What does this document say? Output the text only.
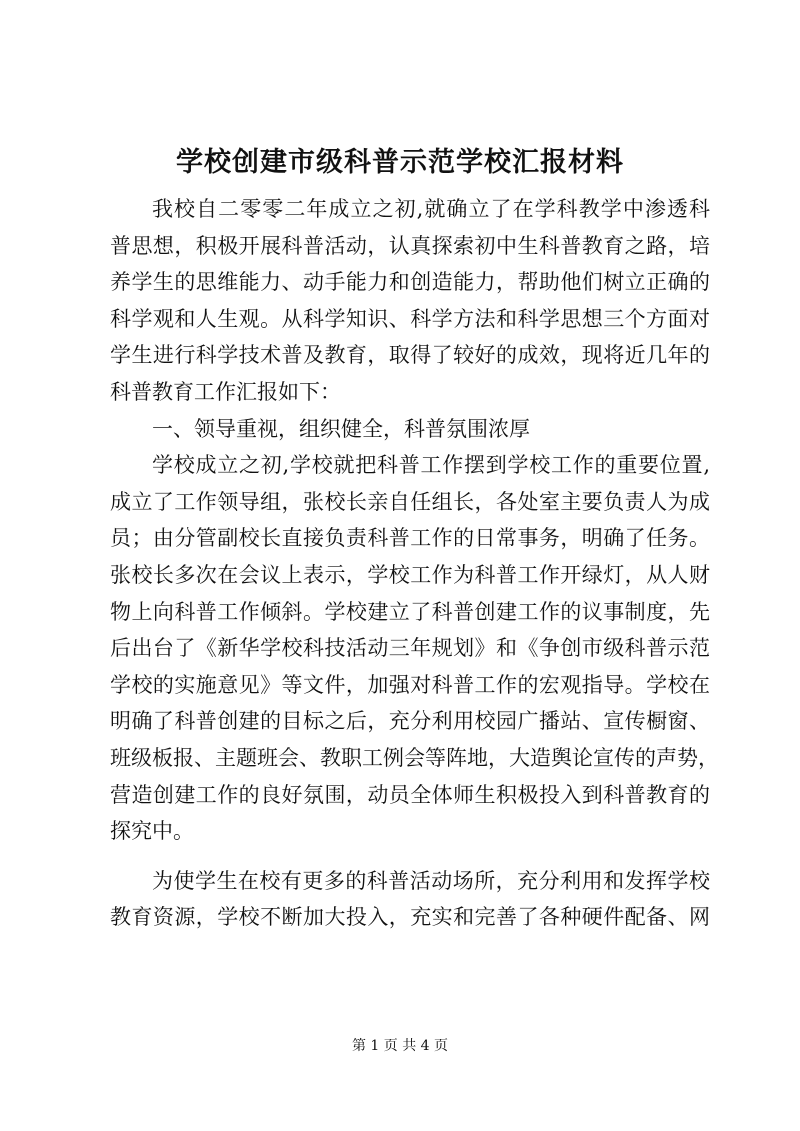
学校创建市级科普示范学校汇报材料
我校自二零零二年成立之初,就确立了在学科教学中渗透科
普思想，积极开展科普活动，认真探索初中生科普教育之路，培
养学生的思维能力、动手能力和创造能力，帮助他们树立正确的
科学观和人生观。从科学知识、科学方法和科学思想三个方面对
学生进行科学技术普及教育，取得了较好的成效，现将近几年的
科普教育工作汇报如下：
一、领导重视，组织健全，科普氛围浓厚
学校成立之初,学校就把科普工作摆到学校工作的重要位置,
成立了工作领导组，张校长亲自任组长，各处室主要负责人为成
员；由分管副校长直接负责科普工作的日常事务，明确了任务。
张校长多次在会议上表示，学校工作为科普工作开绿灯，从人财
物上向科普工作倾斜。学校建立了科普创建工作的议事制度，先
后出台了《新华学校科技活动三年规划》和《争创市级科普示范
学校的实施意见》等文件，加强对科普工作的宏观指导。学校在
明确了科普创建的目标之后，充分利用校园广播站、宣传橱窗、
班级板报、主题班会、教职工例会等阵地，大造舆论宣传的声势，
营造创建工作的良好氛围，动员全体师生积极投入到科普教育的
探究中。
为使学生在校有更多的科普活动场所，充分利用和发挥学校
教育资源，学校不断加大投入，充实和完善了各种硬件配备、网
第 1 页 共 4 页
